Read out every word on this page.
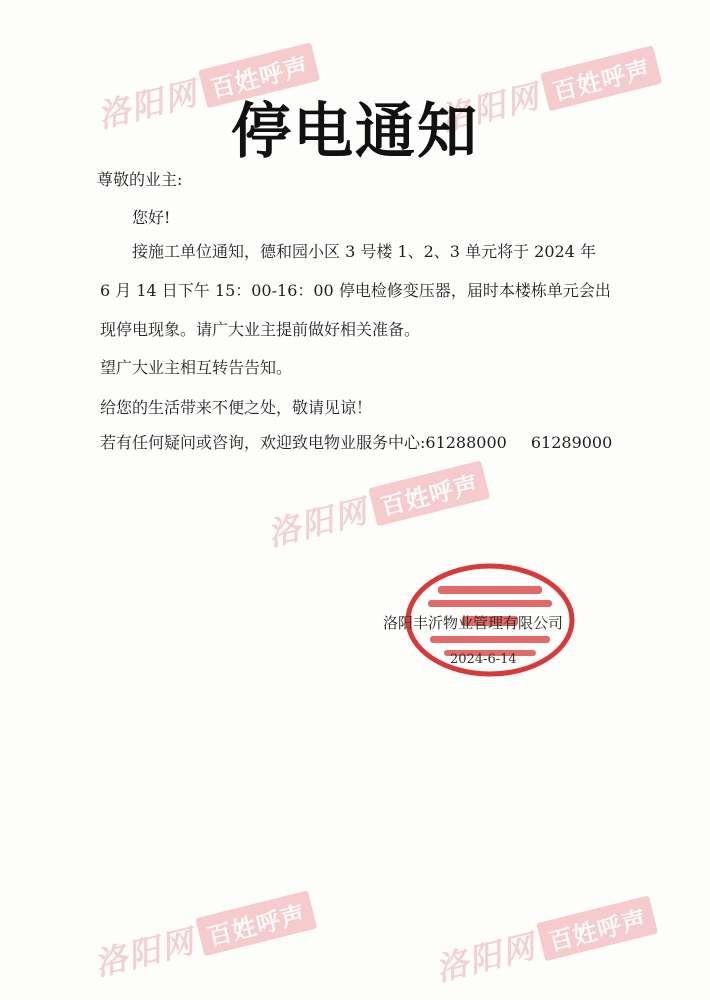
洛阳网 百姓呼声	洛阳网 百姓呼声
洛阳网 百姓呼声
洛阳网 百姓呼声
洛阳网 百姓呼声
停电通知
尊敬的业主:
您好!
接施工单位通知，德和园小区 3 号楼 1、2、3 单元将于 2024 年
6 月 14 日下午 15：00-16：00 停电检修变压器，届时本楼栋单元会出
现停电现象。请广大业主提前做好相关准备。
望广大业主相互转告告知。
给您的生活带来不便之处，敬请见谅！
若有任何疑问或咨询，欢迎致电物业服务中心:61288000 61289000
洛阳丰沂物业管理有限公司
2024-6-14
